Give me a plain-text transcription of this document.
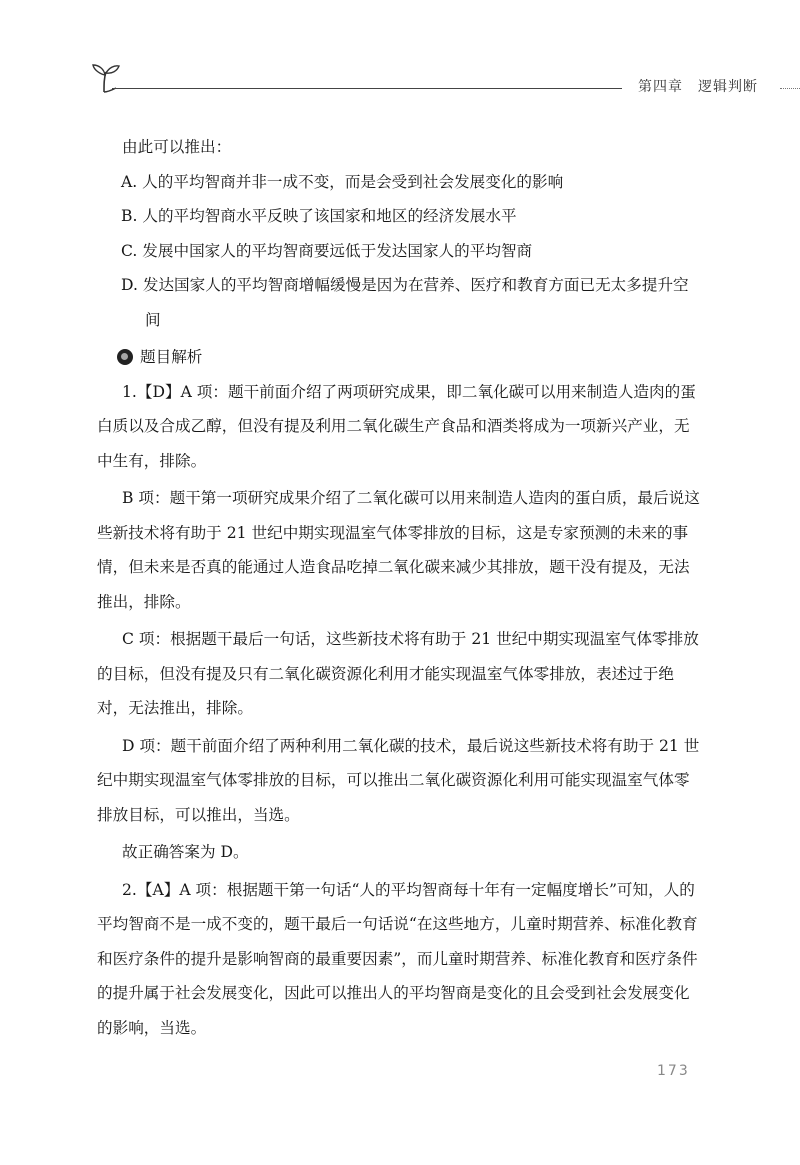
第四章　逻辑判断

由此可以推出：

A. 人的平均智商并非一成不变，而是会受到社会发展变化的影响

B. 人的平均智商水平反映了该国家和地区的经济发展水平

C. 发展中国家人的平均智商要远低于发达国家人的平均智商

D. 发达国家人的平均智商增幅缓慢是因为在营养、医疗和教育方面已无太多提升空间

题目解析

1.【D】A 项：题干前面介绍了两项研究成果，即二氧化碳可以用来制造人造肉的蛋白质以及合成乙醇，但没有提及利用二氧化碳生产食品和酒类将成为一项新兴产业，无中生有，排除。

B 项：题干第一项研究成果介绍了二氧化碳可以用来制造人造肉的蛋白质，最后说这些新技术将有助于 21 世纪中期实现温室气体零排放的目标，这是专家预测的未来的事情，但未来是否真的能通过人造食品吃掉二氧化碳来减少其排放，题干没有提及，无法推出，排除。

C 项：根据题干最后一句话，这些新技术将有助于 21 世纪中期实现温室气体零排放的目标，但没有提及只有二氧化碳资源化利用才能实现温室气体零排放，表述过于绝对，无法推出，排除。

D 项：题干前面介绍了两种利用二氧化碳的技术，最后说这些新技术将有助于 21 世纪中期实现温室气体零排放的目标，可以推出二氧化碳资源化利用可能实现温室气体零排放目标，可以推出，当选。

故正确答案为 D。

2.【A】A 项：根据题干第一句话“人的平均智商每十年有一定幅度增长”可知，人的平均智商不是一成不变的，题干最后一句话说“在这些地方，儿童时期营养、标准化教育和医疗条件的提升是影响智商的最重要因素”，而儿童时期营养、标准化教育和医疗条件的提升属于社会发展变化，因此可以推出人的平均智商是变化的且会受到社会发展变化的影响，当选。

173
